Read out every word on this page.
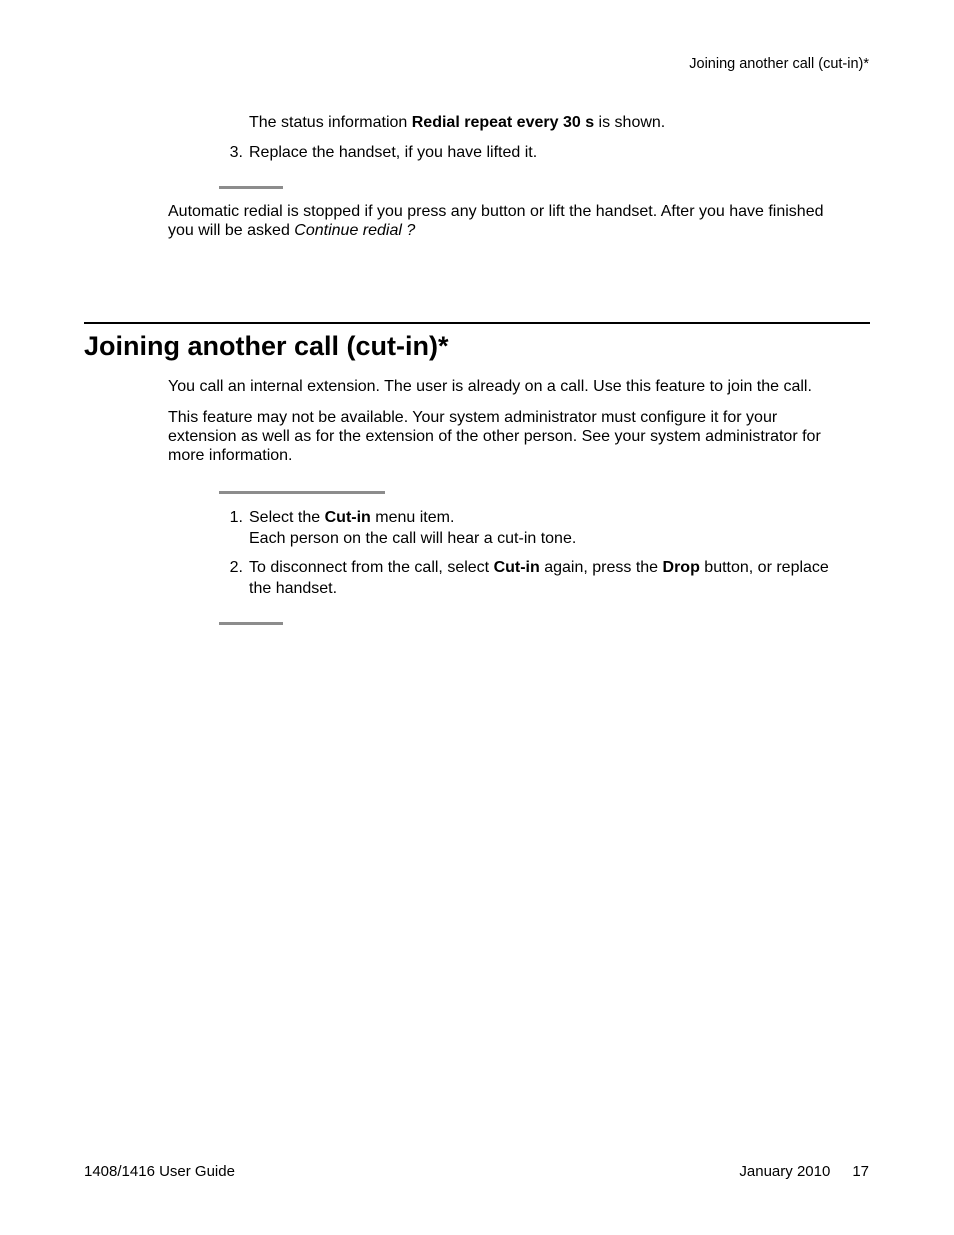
Joining another call (cut-in)*
The status information Redial repeat every 30 s is shown.
3. Replace the handset, if you have lifted it.
Automatic redial is stopped if you press any button or lift the handset. After you have finished
you will be asked Continue redial ?
Joining another call (cut-in)*
You call an internal extension. The user is already on a call. Use this feature to join the call.
This feature may not be available. Your system administrator must configure it for your
extension as well as for the extension of the other person. See your system administrator for
more information.
1. Select the Cut-in menu item.
Each person on the call will hear a cut-in tone.
2. To disconnect from the call, select Cut-in again, press the Drop button, or replace
the handset.
1408/1416 User Guide	January 2010 17
